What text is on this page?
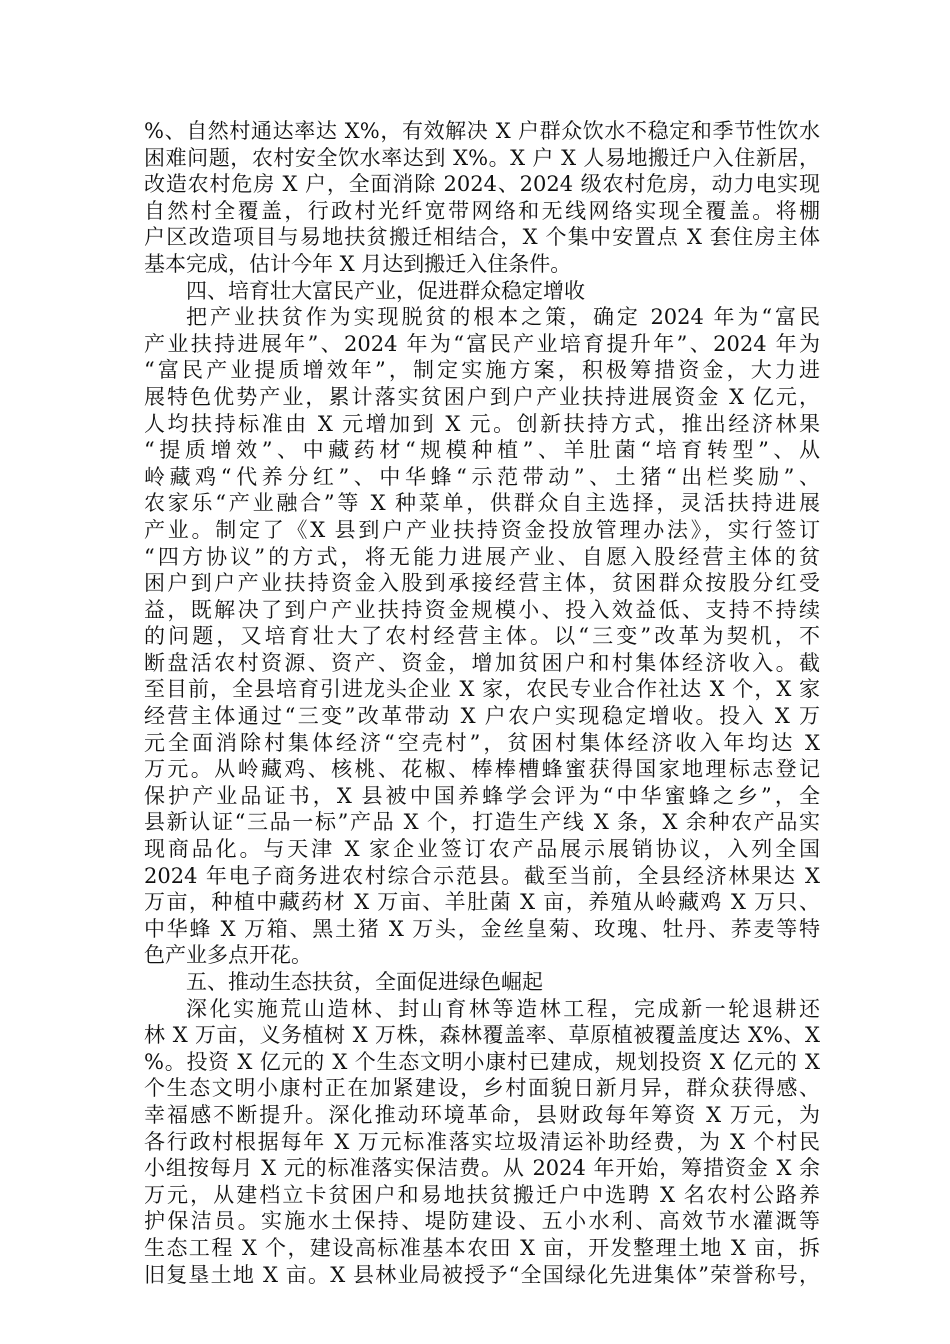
%、自然村通达率达 X%，有效解决 X 户群众饮水不稳定和季节性饮水
困难问题，农村安全饮水率达到 X%。X 户 X 人易地搬迁户入住新居，
改造农村危房 X 户，全面消除 2024、2024 级农村危房，动力电实现
自然村全覆盖，行政村光纤宽带网络和无线网络实现全覆盖。将棚
户区改造项目与易地扶贫搬迁相结合，X 个集中安置点 X 套住房主体
基本完成，估计今年 X 月达到搬迁入住条件。
四、培育壮大富民产业，促进群众稳定增收
把产业扶贫作为实现脱贫的根本之策，确定 2024 年为“富民
产业扶持进展年”、2024 年为“富民产业培育提升年”、2024 年为
“富民产业提质增效年”，制定实施方案，积极筹措资金，大力进
展特色优势产业，累计落实贫困户到户产业扶持进展资金 X 亿元，
人均扶持标准由 X 元增加到 X 元。创新扶持方式，推出经济林果
“提质增效”、中藏药材“规模种植”、羊肚菌“培育转型”、从
岭藏鸡“代养分红”、中华蜂“示范带动”、土猪“出栏奖励”、
农家乐“产业融合”等 X 种菜单，供群众自主选择，灵活扶持进展
产业。制定了《X 县到户产业扶持资金投放管理办法》，实行签订
“四方协议”的方式，将无能力进展产业、自愿入股经营主体的贫
困户到户产业扶持资金入股到承接经营主体，贫困群众按股分红受
益，既解决了到户产业扶持资金规模小、投入效益低、支持不持续
的问题，又培育壮大了农村经营主体。以“三变”改革为契机，不
断盘活农村资源、资产、资金，增加贫困户和村集体经济收入。截
至目前，全县培育引进龙头企业 X 家，农民专业合作社达 X 个，X 家
经营主体通过“三变”改革带动 X 户农户实现稳定增收。投入 X 万
元全面消除村集体经济“空壳村”，贫困村集体经济收入年均达 X
万元。从岭藏鸡、核桃、花椒、棒棒槽蜂蜜获得国家地理标志登记
保护产业品证书，X 县被中国养蜂学会评为“中华蜜蜂之乡”，全
县新认证“三品一标”产品 X 个，打造生产线 X 条，X 余种农产品实
现商品化。与天津 X 家企业签订农产品展示展销协议，入列全国
2024 年电子商务进农村综合示范县。截至当前，全县经济林果达 X
万亩，种植中藏药材 X 万亩、羊肚菌 X 亩，养殖从岭藏鸡 X 万只、
中华蜂 X 万箱、黑土猪 X 万头，金丝皇菊、玫瑰、牡丹、荞麦等特
色产业多点开花。
五、推动生态扶贫，全面促进绿色崛起
深化实施荒山造林、封山育林等造林工程，完成新一轮退耕还
林 X 万亩，义务植树 X 万株，森林覆盖率、草原植被覆盖度达 X%、X
%。投资 X 亿元的 X 个生态文明小康村已建成，规划投资 X 亿元的 X
个生态文明小康村正在加紧建设，乡村面貌日新月异，群众获得感、
幸福感不断提升。深化推动环境革命，县财政每年筹资 X 万元，为
各行政村根据每年 X 万元标准落实垃圾清运补助经费，为 X 个村民
小组按每月 X 元的标准落实保洁费。从 2024 年开始，筹措资金 X 余
万元，从建档立卡贫困户和易地扶贫搬迁户中选聘 X 名农村公路养
护保洁员。实施水土保持、堤防建设、五小水利、高效节水灌溉等
生态工程 X 个，建设高标准基本农田 X 亩，开发整理土地 X 亩，拆
旧复垦土地 X 亩。X 县林业局被授予“全国绿化先进集体”荣誉称号，
